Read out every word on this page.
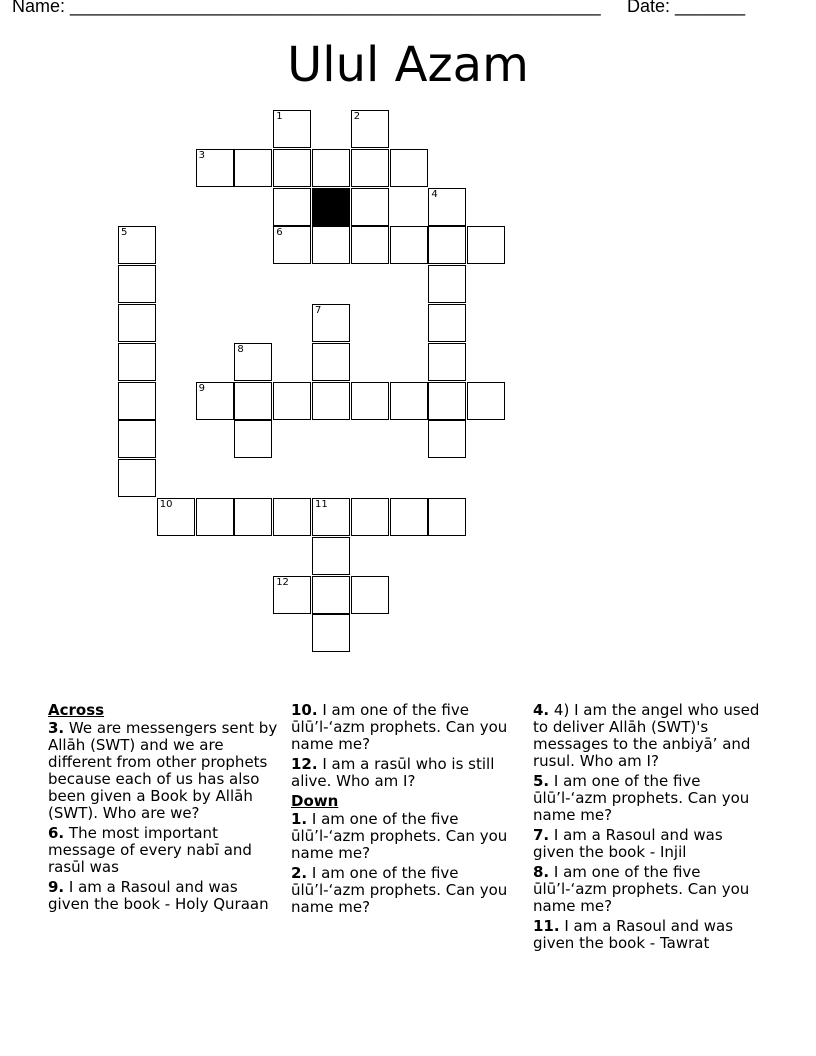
Name: _____________________________________________________ Date: _______
Ulul Azam
1	2
3
4
5	6
7
8
9
10	11
12
Across
3. We are messengers sent by Allāh (SWT) and we are different from other prophets because each of us has also been given a Book by Allāh (SWT). Who are we?
6. The most important message of every nabī and rasūl was
9. I am a Rasoul and was given the book - Holy Quraan
10. I am one of the five ūlū’l-‘azm prophets. Can you name me?
12. I am a rasūl who is still alive. Who am I?
Down
1. I am one of the five ūlū’l-‘azm prophets. Can you name me?
2. I am one of the five ūlū’l-‘azm prophets. Can you name me?
4. 4) I am the angel who used to deliver Allāh (SWT)'s messages to the anbiyā’ and rusul. Who am I?
5. I am one of the five ūlū’l-‘azm prophets. Can you name me?
7. I am a Rasoul and was given the book - Injil
8. I am one of the five ūlū’l-‘azm prophets. Can you name me?
11. I am a Rasoul and was given the book - Tawrat
